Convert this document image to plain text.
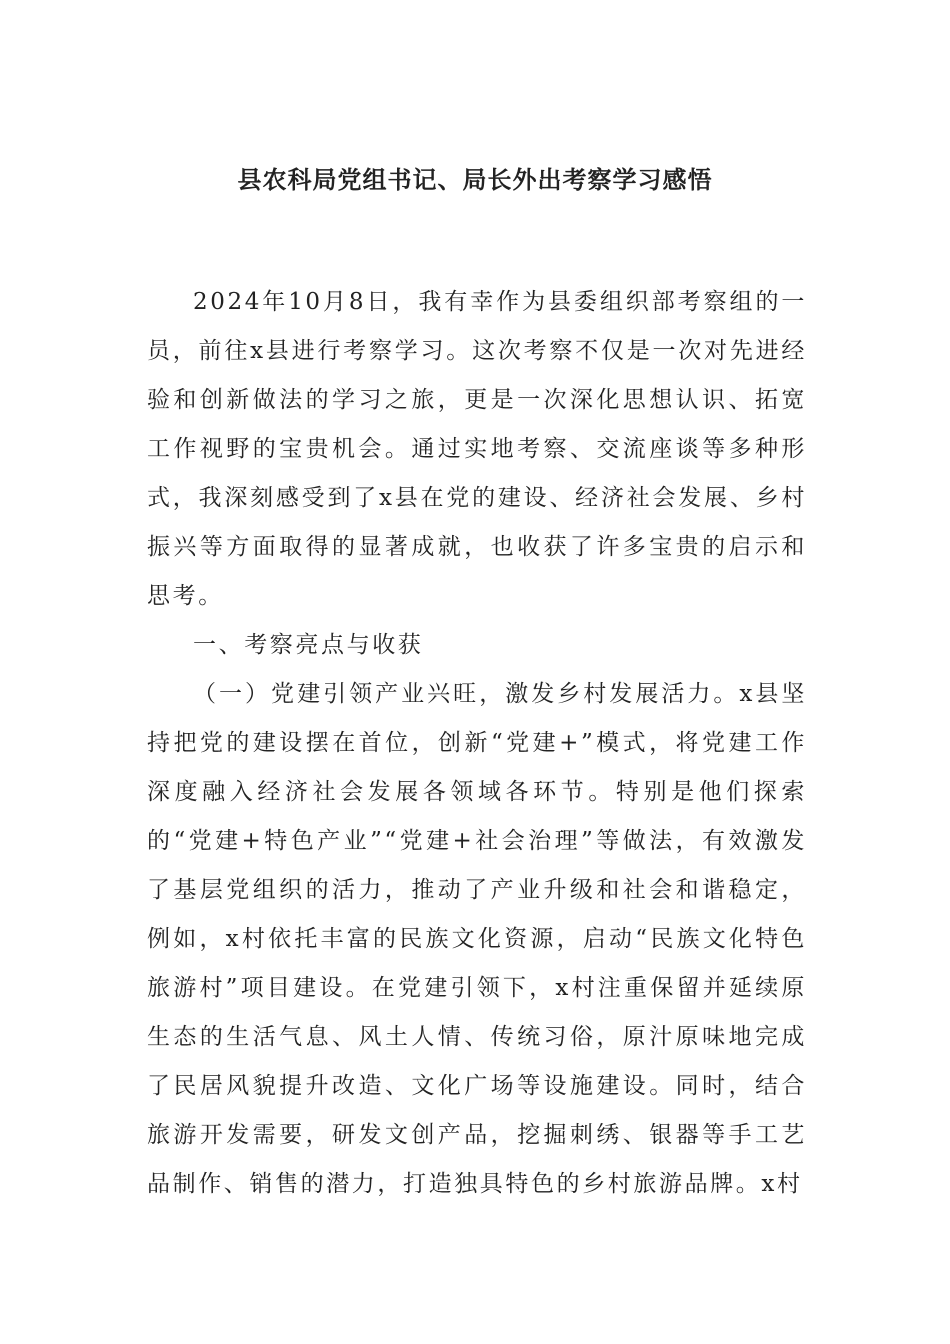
县农科局党组书记、局长外出考察学习感悟

2024年10月8日，我有幸作为县委组织部考察组的一员，前往x县进行考察学习。这次考察不仅是一次对先进经验和创新做法的学习之旅，更是一次深化思想认识、拓宽工作视野的宝贵机会。通过实地考察、交流座谈等多种形式，我深刻感受到了x县在党的建设、经济社会发展、乡村振兴等方面取得的显著成就，也收获了许多宝贵的启示和思考。

一、考察亮点与收获

（一）党建引领产业兴旺，激发乡村发展活力。x县坚持把党的建设摆在首位，创新“党建+”模式，将党建工作深度融入经济社会发展各领域各环节。特别是他们探索的“党建+特色产业”“党建+社会治理”等做法，有效激发了基层党组织的活力，推动了产业升级和社会和谐稳定，例如，x村依托丰富的民族文化资源，启动“民族文化特色旅游村”项目建设。在党建引领下，x村注重保留并延续原生态的生活气息、风土人情、传统习俗，原汁原味地完成了民居风貌提升改造、文化广场等设施建设。同时，结合旅游开发需要，研发文创产品，挖掘刺绣、银器等手工艺品制作、销售的潜力，打造独具特色的乡村旅游品牌。x村
